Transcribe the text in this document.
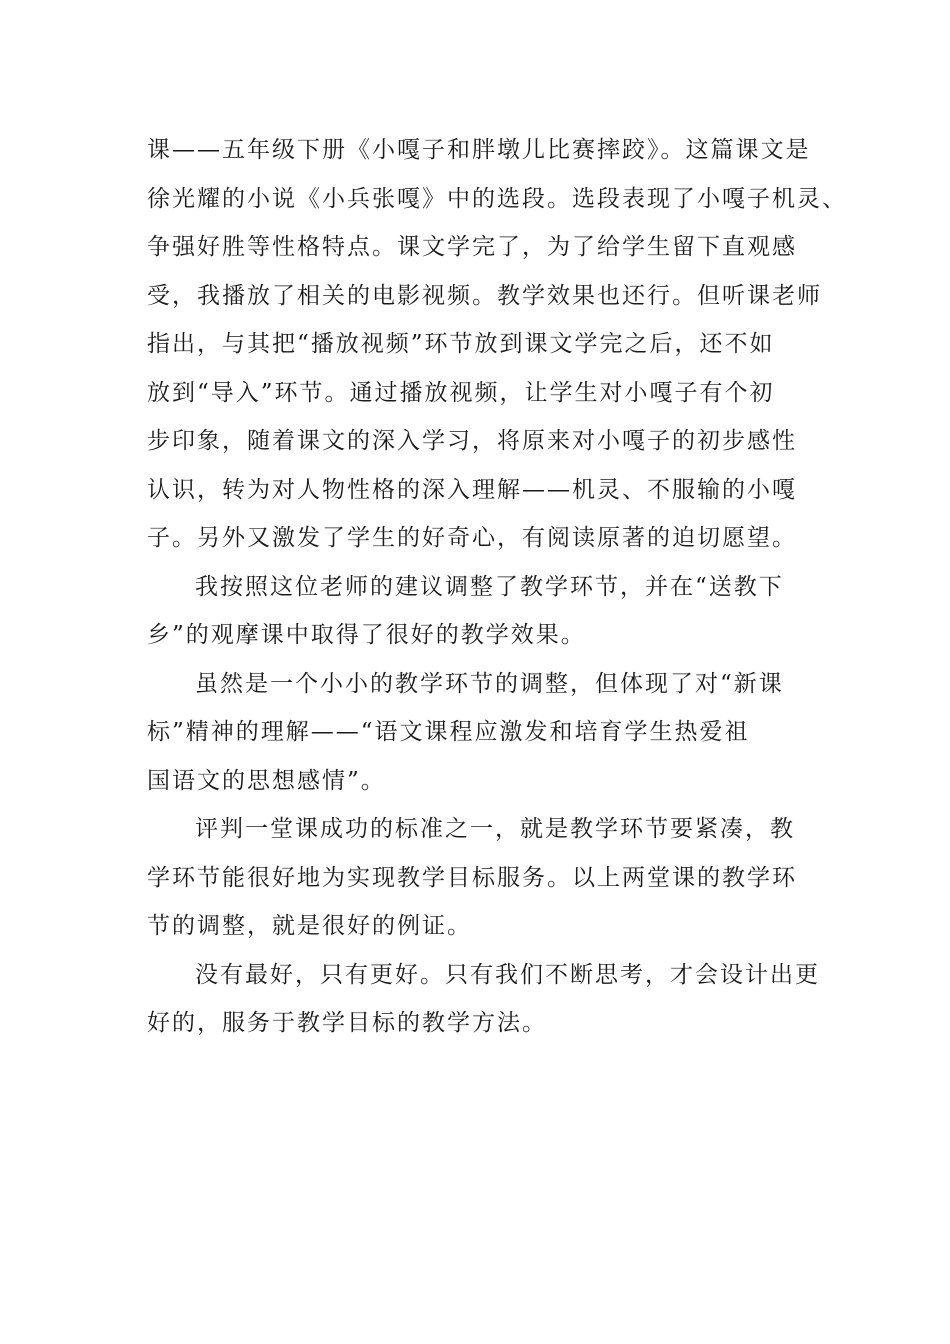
课——五年级下册《小嘎子和胖墩儿比赛摔跤》。这篇课文是
徐光耀的小说《小兵张嘎》中的选段。选段表现了小嘎子机灵、
争强好胜等性格特点。课文学完了，为了给学生留下直观感
受，我播放了相关的电影视频。教学效果也还行。但听课老师
指出，与其把“播放视频”环节放到课文学完之后，还不如
放到“导入”环节。通过播放视频，让学生对小嘎子有个初
步印象，随着课文的深入学习，将原来对小嘎子的初步感性
认识，转为对人物性格的深入理解——机灵、不服输的小嘎
子。另外又激发了学生的好奇心，有阅读原著的迫切愿望。

我按照这位老师的建议调整了教学环节，并在“送教下
乡”的观摩课中取得了很好的教学效果。

虽然是一个小小的教学环节的调整，但体现了对“新课
标”精神的理解——“语文课程应激发和培育学生热爱祖
国语文的思想感情”。

评判一堂课成功的标准之一，就是教学环节要紧凑，教
学环节能很好地为实现教学目标服务。以上两堂课的教学环
节的调整，就是很好的例证。

没有最好，只有更好。只有我们不断思考，才会设计出更
好的，服务于教学目标的教学方法。
